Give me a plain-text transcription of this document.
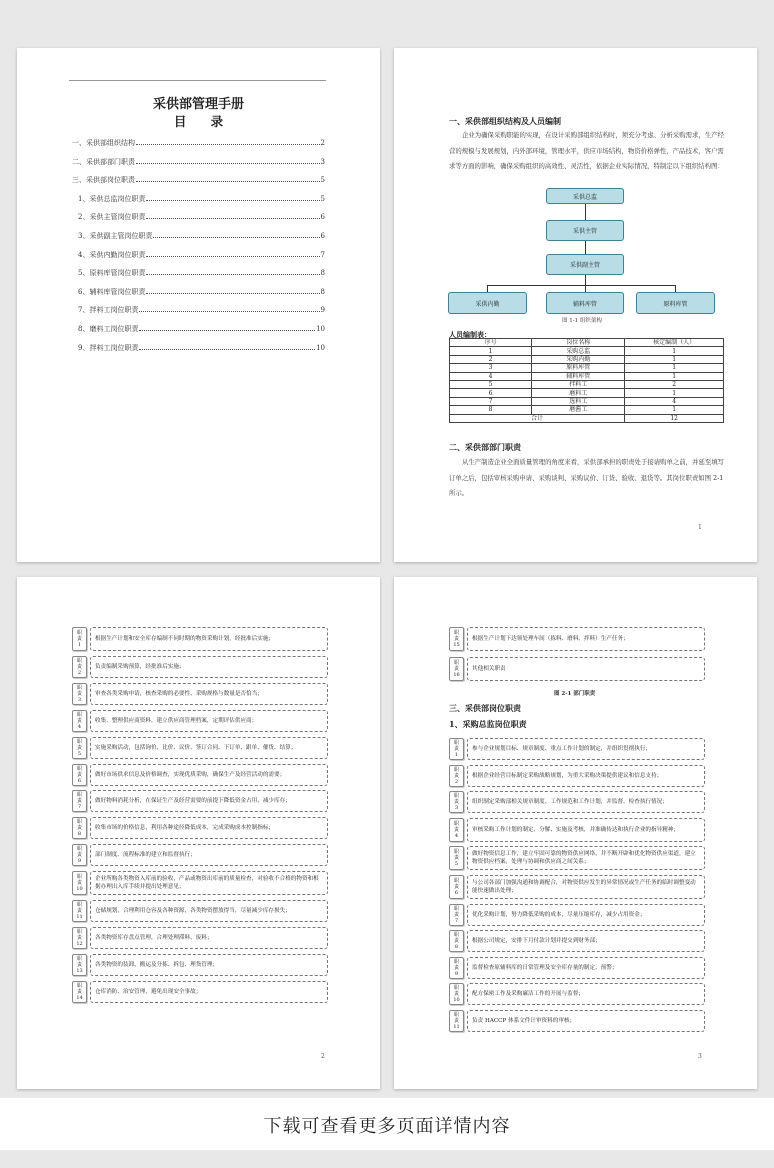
采供部管理手册
目 录
一、采供部组织结构	2
二、采供部部门职责	3
三、采供部岗位职责	5
1、采供总监岗位职责	5
2、采供主管岗位职责	6
3、采供副主管岗位职责	6
4、采供内勤岗位职责	7
5、原料库管岗位职责	8
6、辅料库管岗位职责	8
7、拌料工岗位职责	9
8、磨料工岗位职责	10
9、拌料工岗位职责	10
一、采供部组织结构及人员编制
企业为确保采购职能的实现，在设计采购部组织结构时，须充分考虑、分析采购需求，生产经营的规模与发展规划，内外部环境，管理水平，供应市场结构，物资价格弹性，产品技术，客户需求等方面的影响，确保采购组织的高效性、灵活性，依据企业实际情况，特制定以下组织结构图：
采供总监
采供主管
采供副主管
采供内勤	辅料库管	原料库管
图 1-1 组织架构
人员编制表：
序号	岗位名称	核定编制（人）
1	采购总监	1
2	采购内勤	1
3	原料库管	1
4	辅料库管	1
5	拌料工	2
6	磨料工	1
7	选料工	4
8	磨酱工	1
合计		12
二、采供部部门职责
从生产制造企业全面质量管理的角度来看，采供部承担的职责处于接请购单之前，并延至填写订单之后，包括审核采购申请、采购谈判、采购议价、订货、验收、退货等。其岗位职责如图 2-1 所示。
1
职
责
1
根据生产计划和安全库存编制不同时期的物资采购计划，经批准后实施；
职
责
2
负责编制采购预算，经批准后实施；
职
责
3
审查各类采购申请，核查采购的必要性、采购规格与数量是否恰当；
职
责
4
收集、整理供应商资料，建立供应商管理档案，定期评估供应商；
职
责
5
实施采购活动，包括询价、比价、议价、签订合同、下订单、跟单、催货、结算；
职
责
6
做好市场供求信息及价格调查，实现优质采购，确保生产及经营活动的需要；
职
责
7
做好物料消耗分析，在保证生产及经营需要的前提下降低资金占用，减少库存；
职
责
8
收集市场的价格信息，利用各种途径降低成本，完成采购成本控制指标；
职
责
9
部门制度、流程标准的建立和监督执行；
职
责
10
企业所购各类物资入库前的验收，产品或物资出库前的质量检查，对验收不合格的物资和根据办理出入库手续并提出处理意见；
职
责
11
仓储规划，合理利用仓容及各种资源，各类物资摆放得当，尽量减少库存损失；
职
责
12
各类物资库存盘点管理，合理处理滞料、废料；
职
责
13
各类物资的装卸、搬运及分拣、拆包、理货管理；
职
责
14
仓库消防、治安管理，避免出现安全事故；
2
职
责
15
根据生产计划下达领处理车间（拣料、磨料、拌料）生产任务；
职
责
16
其他相关职责
图 2-1 部门职责
三、采供部岗位职责
1、采购总监岗位职责
职
责
1
参与企业规划目标、规章制度、重点工作计划的制定，并组织贯彻执行；
职
责
2
根据企业经营目标制定采购战略规划，为重大采购决策提供建议和信息支持；
职
责
3
组织制定采购部相关规章制度、工作规范和工作计划，并监督、检查执行情况；
职
责
4
审核采购工作计划的制定、分解、实施及考核，并准确传达和执行企业的指导精神；
职
责
5
做好物资信息工作，建立牢固可靠的物资供应网络，并不断开辟和优化物资供应渠道，建立物资供应档案，处理与协调和供应商之间关系；
职
责
6
与公司各部门加强沟通和协调配合，对物资供应发生的异常情况或生产任务的临时调整变动能快速做出处理；
职
责
7
优化采购计划，努力降低采购的成本，尽量压缩库存，减少占用资金；
职
责
8
根据公司规定，安排下月付款计划并提交到财务部；
职
责
9
监督检查原辅料库的日常管理及安全库存量的制定、预警；
职
责
10
配方保密工作及采购廉洁工作的开展与监督；
职
责
11
负责 HACCP 体系文件计审资料的审核；
3
下载可查看更多页面详情内容
